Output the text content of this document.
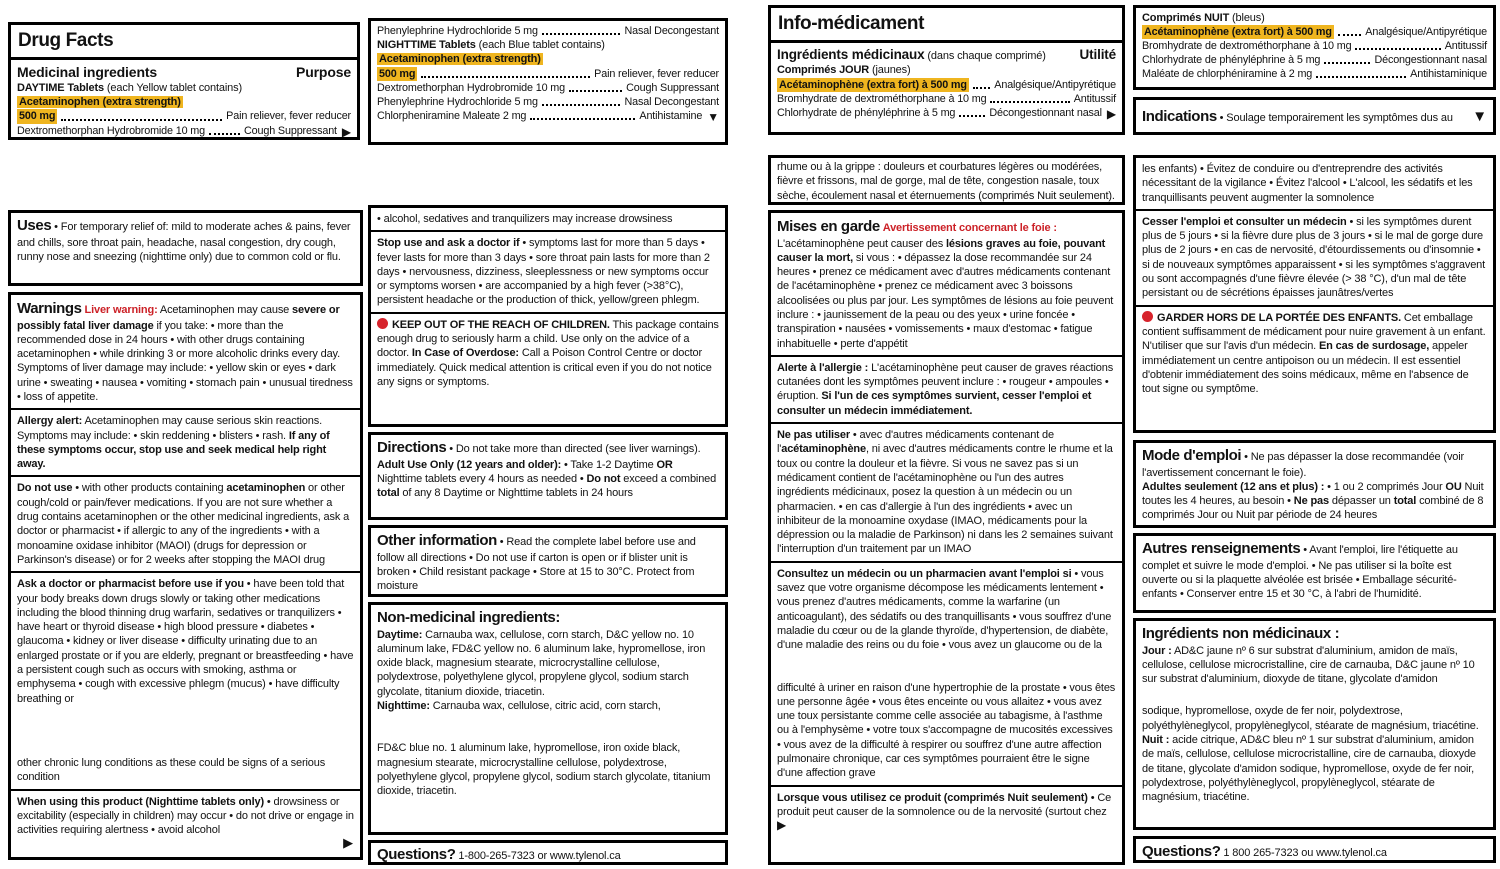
Drug Facts
Medicinal ingredients	Purpose
DAYTIME Tablets (each Yellow tablet contains)
Acetaminophen (extra strength)
500 mg	Pain reliever, fever reducer
Dextromethorphan Hydrobromide 10 mg	Cough Suppressant ▶
Phenylephrine Hydrochloride 5 mg	Nasal Decongestant
NIGHTTIME Tablets (each Blue tablet contains)
Acetaminophen (extra strength)
500 mg	Pain reliever, fever reducer
Dextromethorphan Hydrobromide 10 mg	Cough Suppressant
Phenylephrine Hydrochloride 5 mg	Nasal Decongestant
Chlorpheniramine Maleate 2 mg	Antihistamine ▼
Info-médicament
Ingrédients médicinaux (dans chaque comprimé)	Utilité
Comprimés JOUR (jaunes)
Acétaminophène (extra fort) à 500 mg	Analgésique/Antipyrétique
Bromhydrate de dextrométhorphane à 10 mg	Antitussif
Chlorhydrate de phényléphrine à 5 mg	Décongestionnant nasal ▶
Comprimés NUIT (bleus)
Acétaminophène (extra fort) à 500 mg	Analgésique/Antipyrétique
Bromhydrate de dextrométhorphane à 10 mg	Antitussif
Chlorhydrate de phényléphrine à 5 mg	Décongestionnant nasal
Maléate de chlorphéniramine à 2 mg	Antihistaminique
Indications • Soulage temporairement les symptômes dus au ▼
Uses • For temporary relief of: mild to moderate aches & pains, fever and chills, sore throat pain, headache, nasal congestion, dry cough, runny nose and sneezing (nighttime only) due to common cold or flu.
Warnings Liver warning: Acetaminophen may cause severe or possibly fatal liver damage if you take: • more than the recommended dose in 24 hours • with other drugs containing acetaminophen • while drinking 3 or more alcoholic drinks every day. Symptoms of liver damage may include: • yellow skin or eyes • dark urine • sweating • nausea • vomiting • stomach pain • unusual tiredness • loss of appetite.
Allergy alert: Acetaminophen may cause serious skin reactions. Symptoms may include: • skin reddening • blisters • rash. If any of these symptoms occur, stop use and seek medical help right away.
Do not use • with other products containing acetaminophen or other cough/cold or pain/fever medications. If you are not sure whether a drug contains acetaminophen or the other medicinal ingredients, ask a doctor or pharmacist • if allergic to any of the ingredients • with a monoamine oxidase inhibitor (MAOI) (drugs for depression or Parkinson's disease) or for 2 weeks after stopping the MAOI drug
Ask a doctor or pharmacist before use if you • have been told that your body breaks down drugs slowly or taking other medications including the blood thinning drug warfarin, sedatives or tranquilizers • have heart or thyroid disease • high blood pressure • diabetes • glaucoma • kidney or liver disease • difficulty urinating due to an enlarged prostate or if you are elderly, pregnant or breastfeeding • have a persistent cough such as occurs with smoking, asthma or emphysema • cough with excessive phlegm (mucus) • have difficulty breathing or
other chronic lung conditions as these could be signs of a serious condition
When using this product (Nighttime tablets only) • drowsiness or excitability (especially in children) may occur • do not drive or engage in activities requiring alertness • avoid alcohol
▶
• alcohol, sedatives and tranquilizers may increase drowsiness
Stop use and ask a doctor if • symptoms last for more than 5 days • fever lasts for more than 3 days • sore throat pain lasts for more than 2 days • nervousness, dizziness, sleeplessness or new symptoms occur or symptoms worsen • are accompanied by a high fever (>38°C), persistent headache or the production of thick, yellow/green phlegm.
KEEP OUT OF THE REACH OF CHILDREN. This package contains enough drug to seriously harm a child. Use only on the advice of a doctor. In Case of Overdose: Call a Poison Control Centre or doctor immediately. Quick medical attention is critical even if you do not notice any signs or symptoms.
Directions • Do not take more than directed (see liver warnings).
Adult Use Only (12 years and older): • Take 1-2 Daytime OR Nighttime tablets every 4 hours as needed • Do not exceed a combined total of any 8 Daytime or Nighttime tablets in 24 hours
Other information • Read the complete label before use and follow all directions • Do not use if carton is open or if blister unit is broken • Child resistant package • Store at 15 to 30°C. Protect from moisture
Non-medicinal ingredients:
Daytime: Carnauba wax, cellulose, corn starch, D&C yellow no. 10 aluminum lake, FD&C yellow no. 6 aluminum lake, hypromellose, iron oxide black, magnesium stearate, microcrystalline cellulose, polydextrose, polyethylene glycol, propylene glycol, sodium starch glycolate, titanium dioxide, triacetin.
Nighttime: Carnauba wax, cellulose, citric acid, corn starch,
FD&C blue no. 1 aluminum lake, hypromellose, iron oxide black, magnesium stearate, microcrystalline cellulose, polydextrose, polyethylene glycol, propylene glycol, sodium starch glycolate, titanium dioxide, triacetin.
Questions? 1-800-265-7323 or www.tylenol.ca
rhume ou à la grippe : douleurs et courbatures légères ou modérées, fièvre et frissons, mal de gorge, mal de tête, congestion nasale, toux sèche, écoulement nasal et éternuements (comprimés Nuit seulement).
Mises en garde Avertissement concernant le foie :
L'acétaminophène peut causer des lésions graves au foie, pouvant causer la mort, si vous : • dépassez la dose recommandée sur 24 heures • prenez ce médicament avec d'autres médicaments contenant de l'acétaminophène • prenez ce médicament avec 3 boissons alcoolisées ou plus par jour. Les symptômes de lésions au foie peuvent inclure : • jaunissement de la peau ou des yeux • urine foncée • transpiration • nausées • vomissements • maux d'estomac • fatigue inhabituelle • perte d'appétit
Alerte à l'allergie : L'acétaminophène peut causer de graves réactions cutanées dont les symptômes peuvent inclure : • rougeur • ampoules • éruption. Si l'un de ces symptômes survient, cesser l'emploi et consulter un médecin immédiatement.
Ne pas utiliser • avec d'autres médicaments contenant de l'acétaminophène, ni avec d'autres médicaments contre le rhume et la toux ou contre la douleur et la fièvre. Si vous ne savez pas si un médicament contient de l'acétaminophène ou l'un des autres ingrédients médicinaux, posez la question à un médecin ou un pharmacien. • en cas d'allergie à l'un des ingrédients • avec un inhibiteur de la monoamine oxydase (IMAO, médicaments pour la dépression ou la maladie de Parkinson) ni dans les 2 semaines suivant l'interruption d'un traitement par un IMAO
Consultez un médecin ou un pharmacien avant l'emploi si • vous savez que votre organisme décompose les médicaments lentement • vous prenez d'autres médicaments, comme la warfarine (un anticoagulant), des sédatifs ou des tranquillisants • vous souffrez d'une maladie du cœur ou de la glande thyroïde, d'hypertension, de diabète, d'une maladie des reins ou du foie • vous avez un glaucome ou de la
difficulté à uriner en raison d'une hypertrophie de la prostate • vous êtes une personne âgée • vous êtes enceinte ou vous allaitez • vous avez une toux persistante comme celle associée au tabagisme, à l'asthme ou à l'emphysème • votre toux s'accompagne de mucosités excessives • vous avez de la difficulté à respirer ou souffrez d'une autre affection pulmonaire chronique, car ces symptômes pourraient être le signe d'une affection grave
Lorsque vous utilisez ce produit (comprimés Nuit seulement) • Ce produit peut causer de la somnolence ou de la nervosité (surtout chez ▶
les enfants) • Évitez de conduire ou d'entreprendre des activités nécessitant de la vigilance • Évitez l'alcool • L'alcool, les sédatifs et les tranquillisants peuvent augmenter la somnolence
Cesser l'emploi et consulter un médecin • si les symptômes durent plus de 5 jours • si la fièvre dure plus de 3 jours • si le mal de gorge dure plus de 2 jours • en cas de nervosité, d'étourdissements ou d'insomnie • si de nouveaux symptômes apparaissent • si les symptômes s'aggravent ou sont accompagnés d'une fièvre élevée (> 38 °C), d'un mal de tête persistant ou de sécrétions épaisses jaunâtres/vertes
GARDER HORS DE LA PORTÉE DES ENFANTS. Cet emballage contient suffisamment de médicament pour nuire gravement à un enfant. N'utiliser que sur l'avis d'un médecin. En cas de surdosage, appeler immédiatement un centre antipoison ou un médecin. Il est essentiel d'obtenir immédiatement des soins médicaux, même en l'absence de tout signe ou symptôme.
Mode d'emploi • Ne pas dépasser la dose recommandée (voir l'avertissement concernant le foie).
Adultes seulement (12 ans et plus) : • 1 ou 2 comprimés Jour OU Nuit toutes les 4 heures, au besoin • Ne pas dépasser un total combiné de 8 comprimés Jour ou Nuit par période de 24 heures
Autres renseignements • Avant l'emploi, lire l'étiquette au complet et suivre le mode d'emploi. • Ne pas utiliser si la boîte est ouverte ou si la plaquette alvéolée est brisée • Emballage sécurité-enfants • Conserver entre 15 et 30 °C, à l'abri de l'humidité.
Ingrédients non médicinaux :
Jour : AD&C jaune nº 6 sur substrat d'aluminium, amidon de maïs, cellulose, cellulose microcristalline, cire de carnauba, D&C jaune nº 10 sur substrat d'aluminium, dioxyde de titane, glycolate d'amidon
sodique, hypromellose, oxyde de fer noir, polydextrose, polyéthylèneglycol, propylèneglycol, stéarate de magnésium, triacétine.
Nuit : acide citrique, AD&C bleu nº 1 sur substrat d'aluminium, amidon de maïs, cellulose, cellulose microcristalline, cire de carnauba, dioxyde de titane, glycolate d'amidon sodique, hypromellose, oxyde de fer noir, polydextrose, polyéthylèneglycol, propylèneglycol, stéarate de magnésium, triacétine.
Questions? 1 800 265-7323 ou www.tylenol.ca
